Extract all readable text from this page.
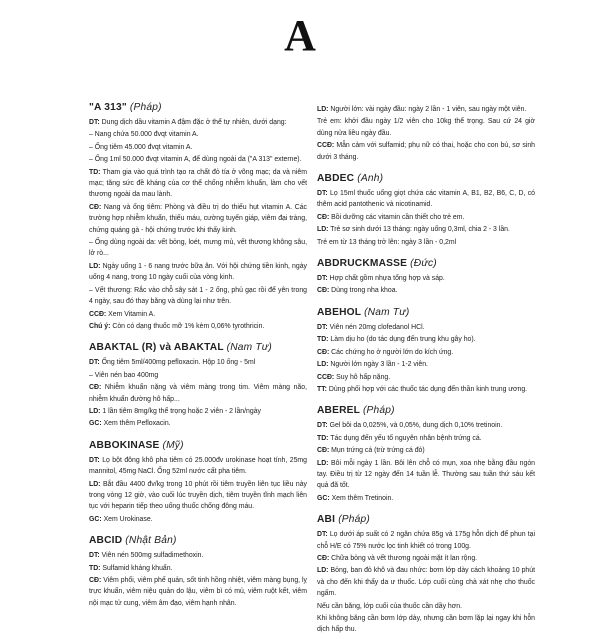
A
"A 313" (Pháp)
DT: Dung dịch dầu vitamin A đậm đặc ở thể tự nhiên, dưới dạng:
– Nang chứa 50.000 đvqt vitamin A.
– Ống tiêm 45.000 đvqt vitamin A.
– Ống 1ml 50.000 đvqt vitamin A, để dùng ngoài da ("A 313" externe).
TD: Tham gia vào quá trình tạo ra chất đỏ tía ở võng mạc; da và niêm mạc; tăng sức đề kháng của cơ thể chống nhiễm khuẩn, làm cho vết thương ngoài da mau lành.
CĐ: Nang và ống tiêm: Phòng và điều trị do thiếu hụt vitamin A. Các trường hợp nhiễm khuẩn, thiếu máu, cường tuyến giáp, viêm đại tràng, chứng quáng gà - hội chứng trước khi thấy kinh.
– Ống dùng ngoài da: vết bỏng, loét, mưng mủ, vết thương không sâu, lở rò...
LD: Ngày uống 1 - 6 nang trước bữa ăn. Với hội chứng tiền kinh, ngày uống 4 nang, trong 10 ngày cuối của vòng kinh.
– Vết thương: Rắc vào chỗ sây sát 1 - 2 ống, phủ gạc rồi để yên trong 4 ngày, sau đó thay băng và dùng lại như trên.
CCĐ: Xem Vitamin A.
Chú ý: Còn có dạng thuốc mỡ 1% kèm 0,06% tyrothricin.
ABAKTAL (R) và ABAKTAL (Nam Tư)
DT: Ống tiêm 5ml/400mg pefloxacin. Hộp 10 ống - 5ml
– Viên nén bao 400mg
CĐ: Nhiễm khuẩn nặng và viêm màng trong tim. Viêm màng não, nhiễm khuẩn đường hô hấp...
LD: 1 lần tiêm 8mg/kg thể trọng hoặc 2 viên - 2 lần/ngày
GC: Xem thêm Pefloxacin.
ABBOKINASE (Mỹ)
DT: Lọ bột đông khô pha tiêm có 25.000đv urokinase hoạt tính, 25mg mannitol, 45mg NaCl. Ống 52ml nước cất pha tiêm.
LD: Bắt đầu 4400 đv/kg trong 10 phút rồi tiêm truyền liên tục liều này trong vòng 12 giờ, vào cuối lúc truyền dịch, tiêm truyền tĩnh mạch liên tục với heparin tiếp theo uống thuốc chống đông máu.
GC: Xem Urokinase.
ABCID (Nhật Bản)
DT: Viên nén 500mg sulfadimethoxin.
TD: Sulfamid kháng khuẩn.
CĐ: Viêm phổi, viêm phế quản, sốt tinh hồng nhiệt, viêm màng bụng, lỵ trực khuẩn, viêm niệu quản do lậu, viêm bì có mủ, viêm ruột kết, viêm nội mạc tử cung, viêm âm đạo, viêm hạnh nhân.
LD: Người lớn: vài ngày đầu: ngày 2 lần - 1 viên, sau ngày một viên.
Trẻ em: khởi đầu ngày 1/2 viên cho 10kg thể trọng. Sau cứ 24 giờ dùng nửa liều ngày đầu.
CCĐ: Mẫn cảm với sulfamid; phụ nữ có thai, hoặc cho con bú, sơ sinh dưới 3 tháng.
ABDEC (Anh)
DT: Lọ 15ml thuốc uống giọt chứa các vitamin A, B1, B2, B6, C, D, có thêm acid pantothenic và nicotinamid.
CĐ: Bồi dưỡng các vitamin cần thiết cho trẻ em.
LD: Trẻ sơ sinh dưới 13 tháng: ngày uống 0,3ml, chia 2 - 3 lần.
Trẻ em từ 13 tháng trở lên: ngày 3 lần - 0,2ml
ABDRUCKMASSE (Đức)
DT: Hợp chất gồm nhựa tổng hợp và sáp.
CĐ: Dùng trong nha khoa.
ABEHOL (Nam Tư)
DT: Viên nén 20mg clofedanol HCl.
TD: Làm dịu ho (do tác dụng đến trung khu gây ho).
CĐ: Các chứng ho ở người lớn do kích ứng.
LD: Người lớn ngày 3 lần - 1-2 viên.
CCĐ: Suy hô hấp nặng.
TT: Dùng phối hợp với các thuốc tác dụng đến thần kinh trung ương.
ABEREL (Pháp)
DT: Gel bôi da 0,025%, và 0,05%, dung dịch 0,10% tretinoin.
TD: Tác dụng đến yếu tố nguyên nhân bệnh trứng cá.
CĐ: Mụn trứng cá (trừ trứng cá đỏ)
LD: Bôi mỗi ngày 1 lần. Bôi lên chỗ có mụn, xoa nhẹ bằng đầu ngón tay. Điều trị từ 12 ngày đến 14 tuần lễ. Thường sau tuần thứ sáu kết quả đã tốt.
GC: Xem thêm Tretinoin.
ABI (Pháp)
DT: Lọ dưới áp suất có 2 ngăn chứa 85g và 175g hỗn dịch để phun tại chỗ H/E có 75% nước lọc tinh khiết có trong 100g.
CĐ: Chữa bỏng và vết thương ngoài mặt ít lan rộng.
LD: Bỏng, ban đỏ khô và đau nhức: bơm lớp dày cách khoảng 10 phút và cho đến khi thấy da ư thuốc. Lớp cuối cùng chà xát nhẹ cho thuốc ngấm.
Nếu cần băng, lớp cuối của thuốc cần dầy hơn.
Khi không băng cần bơm lớp dày, nhưng cần bơm lặp lại ngay khi hỗn dịch hấp thu.
